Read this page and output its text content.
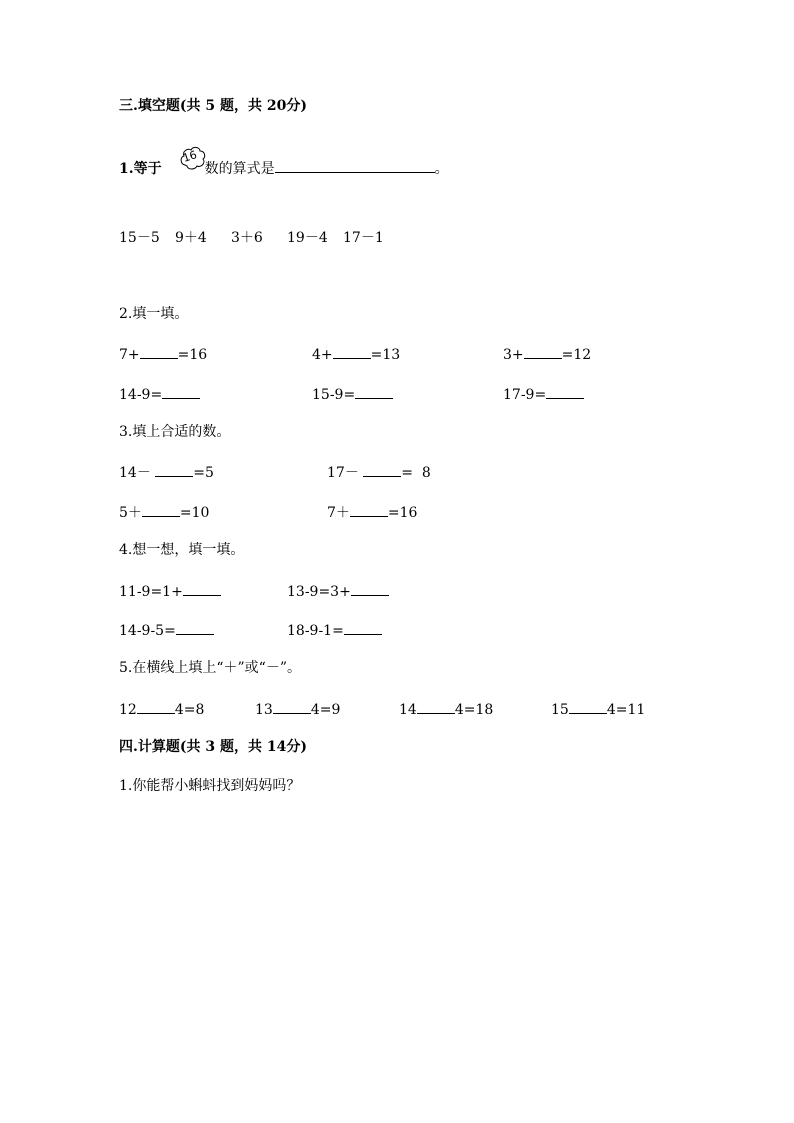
三.填空题(共 5 题，共 20分)
1.等于
16
数的算式是	。
15－5 9＋4 3＋6 19－4 17－1
2.填一填。
7+	=16	4+	=13	3+	=12
14-9=	15-9=	17-9=
3.填上合适的数。
14－	=5	17－	=  8
5＋	=10	7＋	=16
4.想一想，填一填。
11-9=1+	13-9=3+
14-9-5=	18-9-1=
5.在横线上填上“＋”或“－”。
12	4=8	13	4=9	14	4=18	15	4=11
四.计算题(共 3 题，共 14分)
1.你能帮小蝌蚪找到妈妈吗？
